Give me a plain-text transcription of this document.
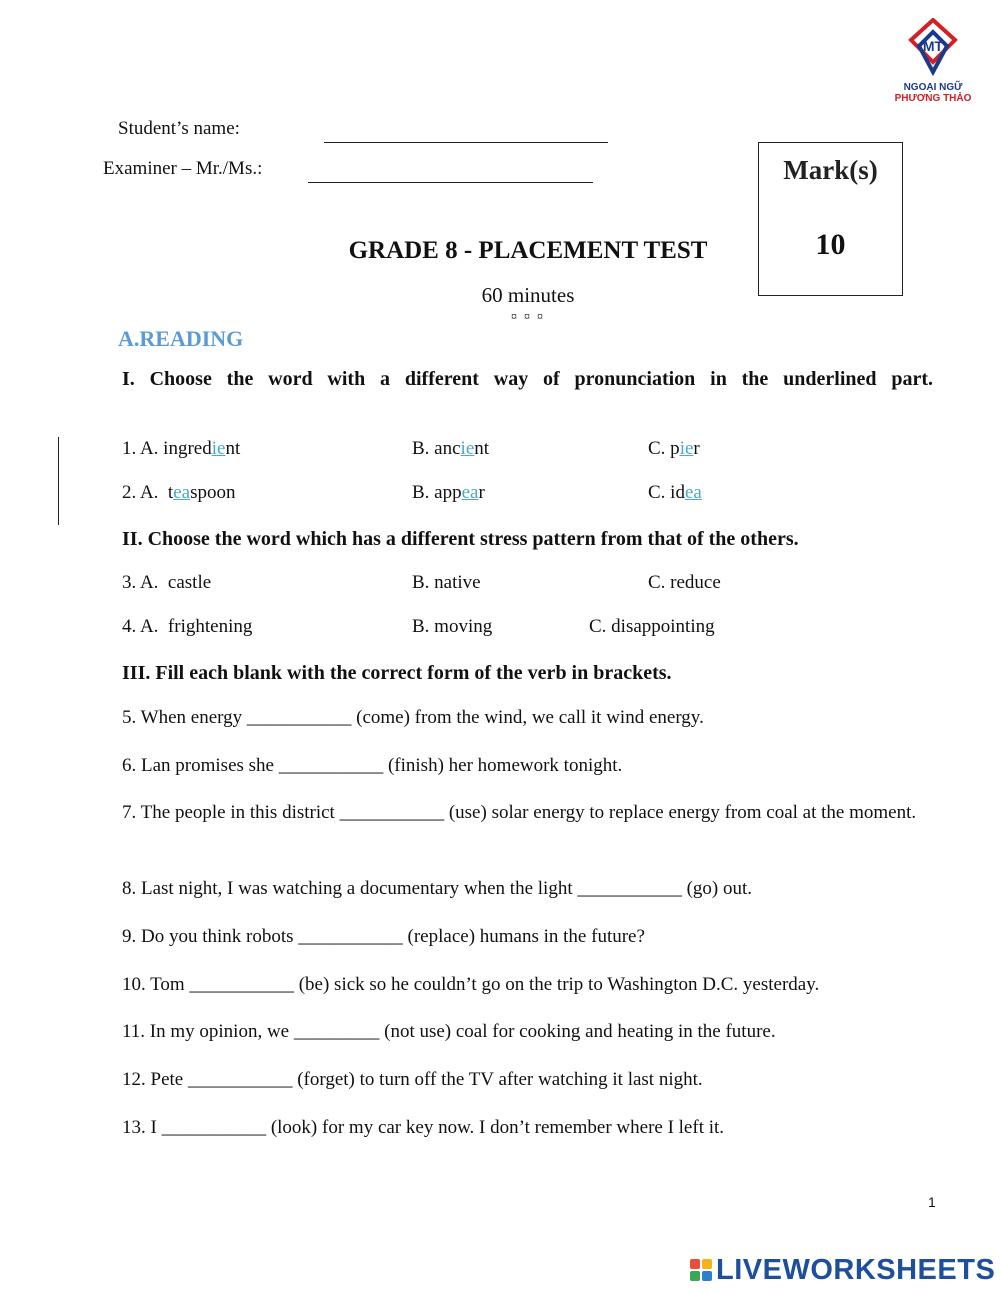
MT
NGOẠI NGỮ
PHƯƠNG THẢO
Student’s name:
Examiner – Mr./Ms.:	Mark(s)
10
GRADE 8 - PLACEMENT TEST
60 minutes
¤ ¤ ¤
A.READING
I. Choose the word with a different way of pronunciation in the underlined part.
1. A. ingredient	B. ancient	C. pier
2. A.  teaspoon	B. appear	C. idea
II. Choose the word which has a different stress pattern from that of the others.
3. A.  castle	B. native	C. reduce
4. A.  frightening	B. moving	C. disappointing
III. Fill each blank with the correct form of the verb in brackets.
5. When energy ___________ (come) from the wind, we call it wind energy.
6. Lan promises she ___________ (finish) her homework tonight.
7. The people in this district ___________ (use) solar energy to replace energy from coal at the moment.
8. Last night, I was watching a documentary when the light ___________ (go) out.
9. Do you think robots ___________ (replace) humans in the future?
10. Tom ___________ (be) sick so he couldn’t go on the trip to Washington D.C. yesterday.
11. In my opinion, we _________ (not use) coal for cooking and heating in the future.
12. Pete ___________ (forget) to turn off the TV after watching it last night.
13. I ___________ (look) for my car key now. I don’t remember where I left it.
1
LIVEWORKSHEETS
